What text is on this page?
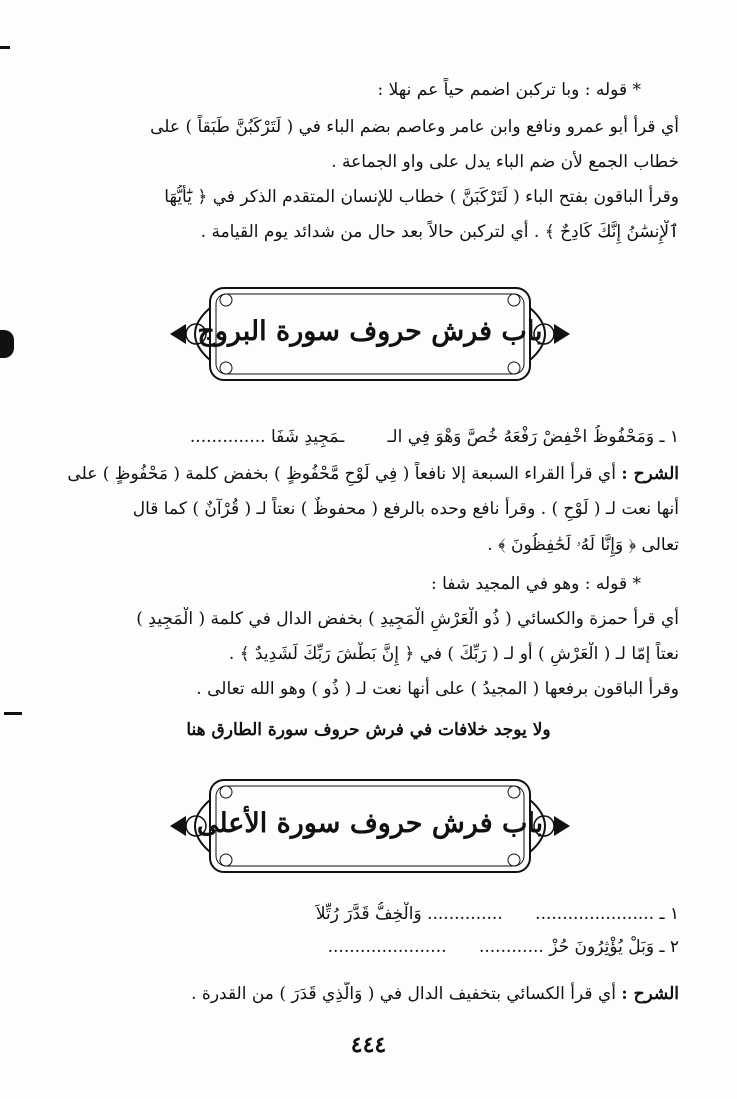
* قوله : وبا تركبن اضمم حياً عم نهلا :
أي قرأ أبو عمرو ونافع وابن عامر وعاصم بضم الباء في ( لَتَرْكَبُنَّ طَبَقاً ) على
خطاب الجمع لأن ضم الباء يدل على واو الجماعة .
وقرأ الباقون بفتح الباء ( لَتَرْكَبَنَّ ) خطاب للإنسان المتقدم الذكر في ﴿ يَٰٓأَيُّهَا
ٱلْإِنسَٰنُ إِنَّكَ كَادِحٌ ﴾ . أي لتركبن حالاً بعد حال من شدائد يوم القيامة .
باب فرش حروف سورة البروج
١ ـ وَمَحْفُوظُ اخْفِضْ رَفْعَهُ خُصَّ وَهْوَ فِي الـ        ـمَجِيدِ شَفَا ..............
الشرح : أي قرأ القراء السبعة إلا نافعاً ( فِي لَوْحٍ مَّحْفُوظٍ ) بخفض كلمة ( مَحْفُوظٍ ) على
أنها نعت لـ ( لَوْحٍ ) . وقرأ نافع وحده بالرفع ( محفوظٌ ) نعتاً لـ ( قُرْآنٌ ) كما قال
تعالى ﴿ وَإِنَّا لَهُۥ لَحَٰفِظُونَ ﴾ .
* قوله : وهو في المجيد شفا :
أي قرأ حمزة والكسائي ( ذُو الْعَرْشِ الْمَجِيدِ ) بخفض الدال في كلمة ( الْمَجِيدِ )
نعتاً إمّا لـ ( الْعَرْشِ ) أو لـ ( رَبِّكَ ) في ﴿ إِنَّ بَطْشَ رَبِّكَ لَشَدِيدٌ ﴾ .
وقرأ الباقون برفعها ( المجيدُ ) على أنها نعت لـ ( ذُو ) وهو الله تعالى .
ولا يوجد خلافات في فرش حروف سورة الطارق هنا
باب فرش حروف سورة الأعلى
١ ـ ......................      .............. وَالْخِفُّ قَدَّرَ رُتِّلاَ
٢ ـ وَبَلْ يُؤْثِرُونَ حُزْ ............      ......................
الشرح : أي قرأ الكسائي بتخفيف الدال في ( وَالَّذِي قَدَرَ ) من القدرة .
٤٤٤
